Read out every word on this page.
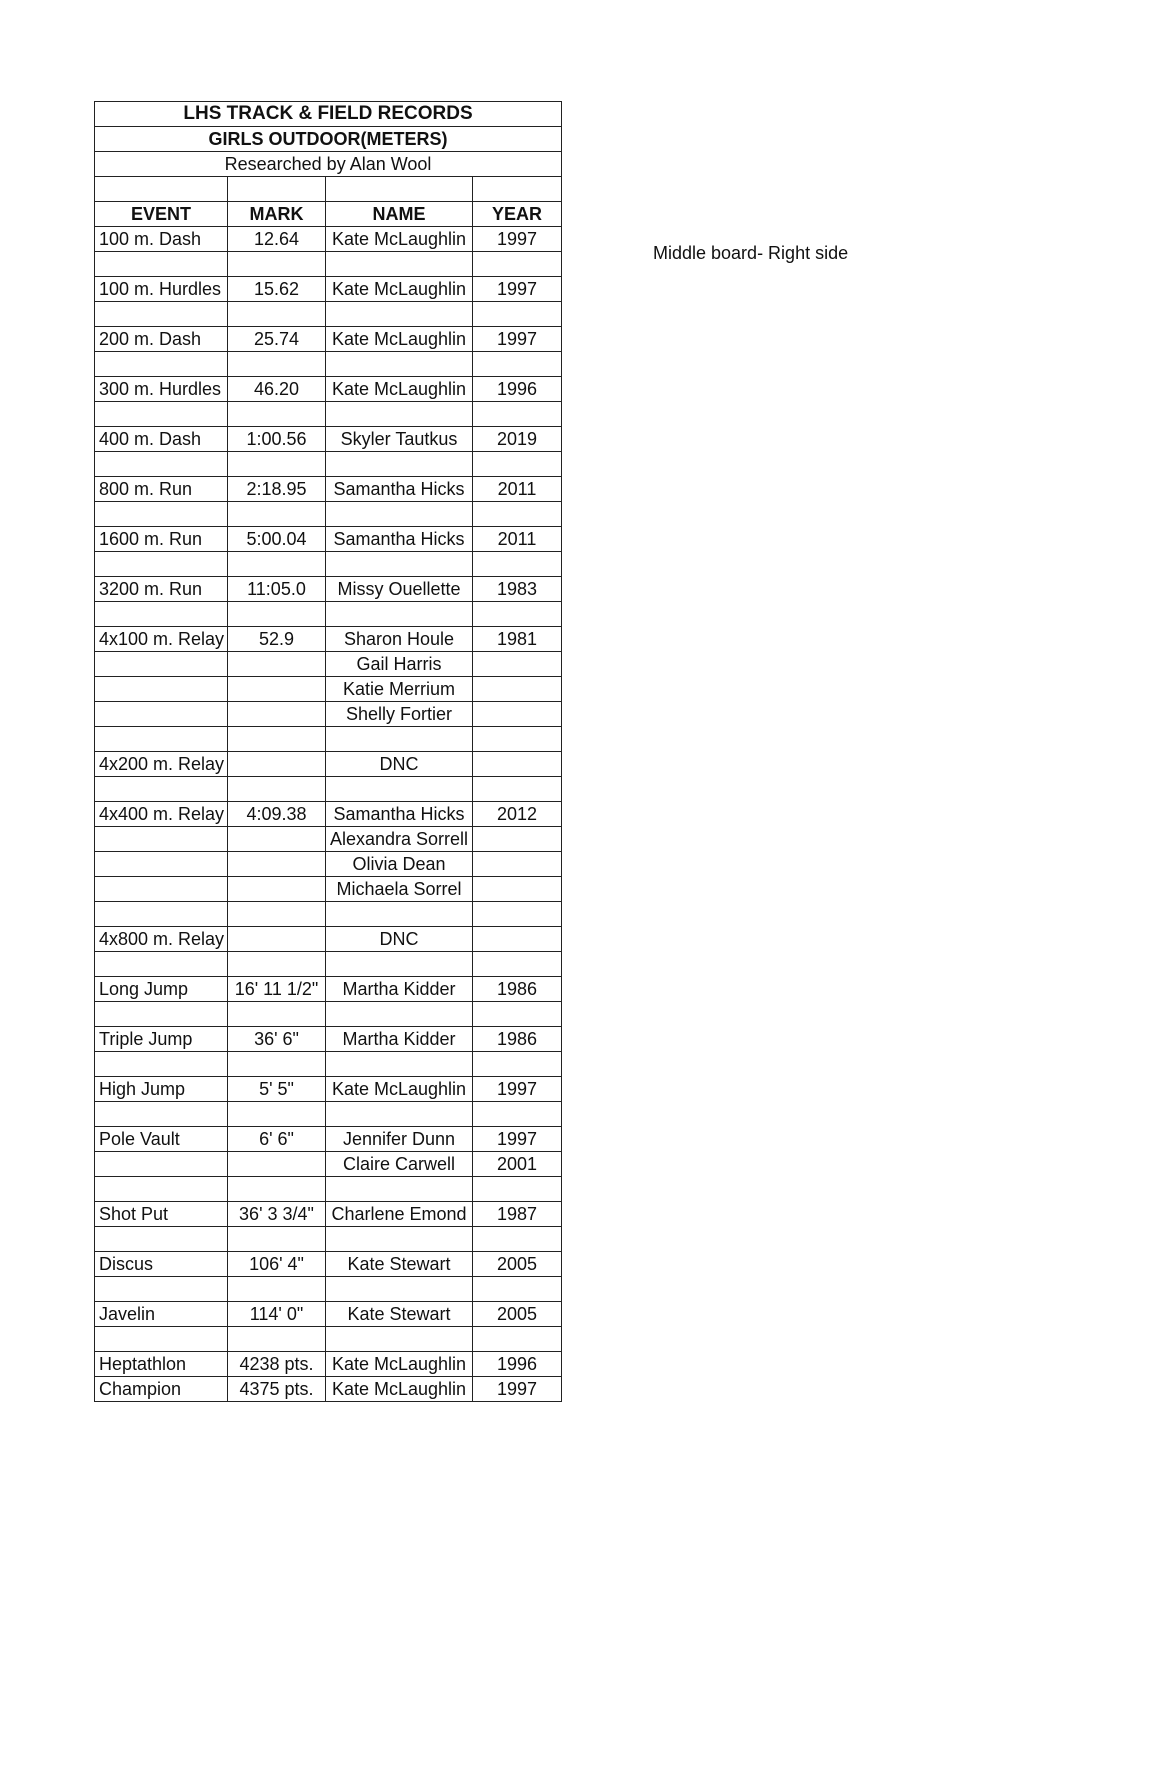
LHS TRACK & FIELD RECORDS			
GIRLS OUTDOOR(METERS)			
Researched by Alan Wool			

EVENT	MARK	NAME	YEAR
100 m. Dash	12.64	Kate McLaughlin	1997

100 m. Hurdles	15.62	Kate McLaughlin	1997

200 m. Dash	25.74	Kate McLaughlin	1997

300 m. Hurdles	46.20	Kate McLaughlin	1996

400 m. Dash	1:00.56	Skyler Tautkus	2019

800 m. Run	2:18.95	Samantha Hicks	2011

1600 m. Run	5:00.04	Samantha Hicks	2011

3200 m. Run	11:05.0	Missy Ouellette	1983

4x100 m. Relay	52.9	Sharon Houle	1981
		Gail Harris	
		Katie Merrium	
		Shelly Fortier	

4x200 m. Relay		DNC	

4x400 m. Relay	4:09.38	Samantha Hicks	2012
		Alexandra Sorrell	
		Olivia Dean	
		Michaela Sorrel	

4x800 m. Relay		DNC	

Long Jump	16' 11 1/2"	Martha Kidder	1986

Triple Jump	36' 6"	Martha Kidder	1986

High Jump	5' 5"	Kate McLaughlin	1997

Pole Vault	6' 6"	Jennifer Dunn	1997
		Claire Carwell	2001

Shot Put	36' 3 3/4"	Charlene Emond	1987

Discus	106' 4"	Kate Stewart	2005

Javelin	114' 0"	Kate Stewart	2005

Heptathlon	4238 pts.	Kate McLaughlin	1996
Champion	4375 pts.	Kate McLaughlin	1997
Middle board- Right side
